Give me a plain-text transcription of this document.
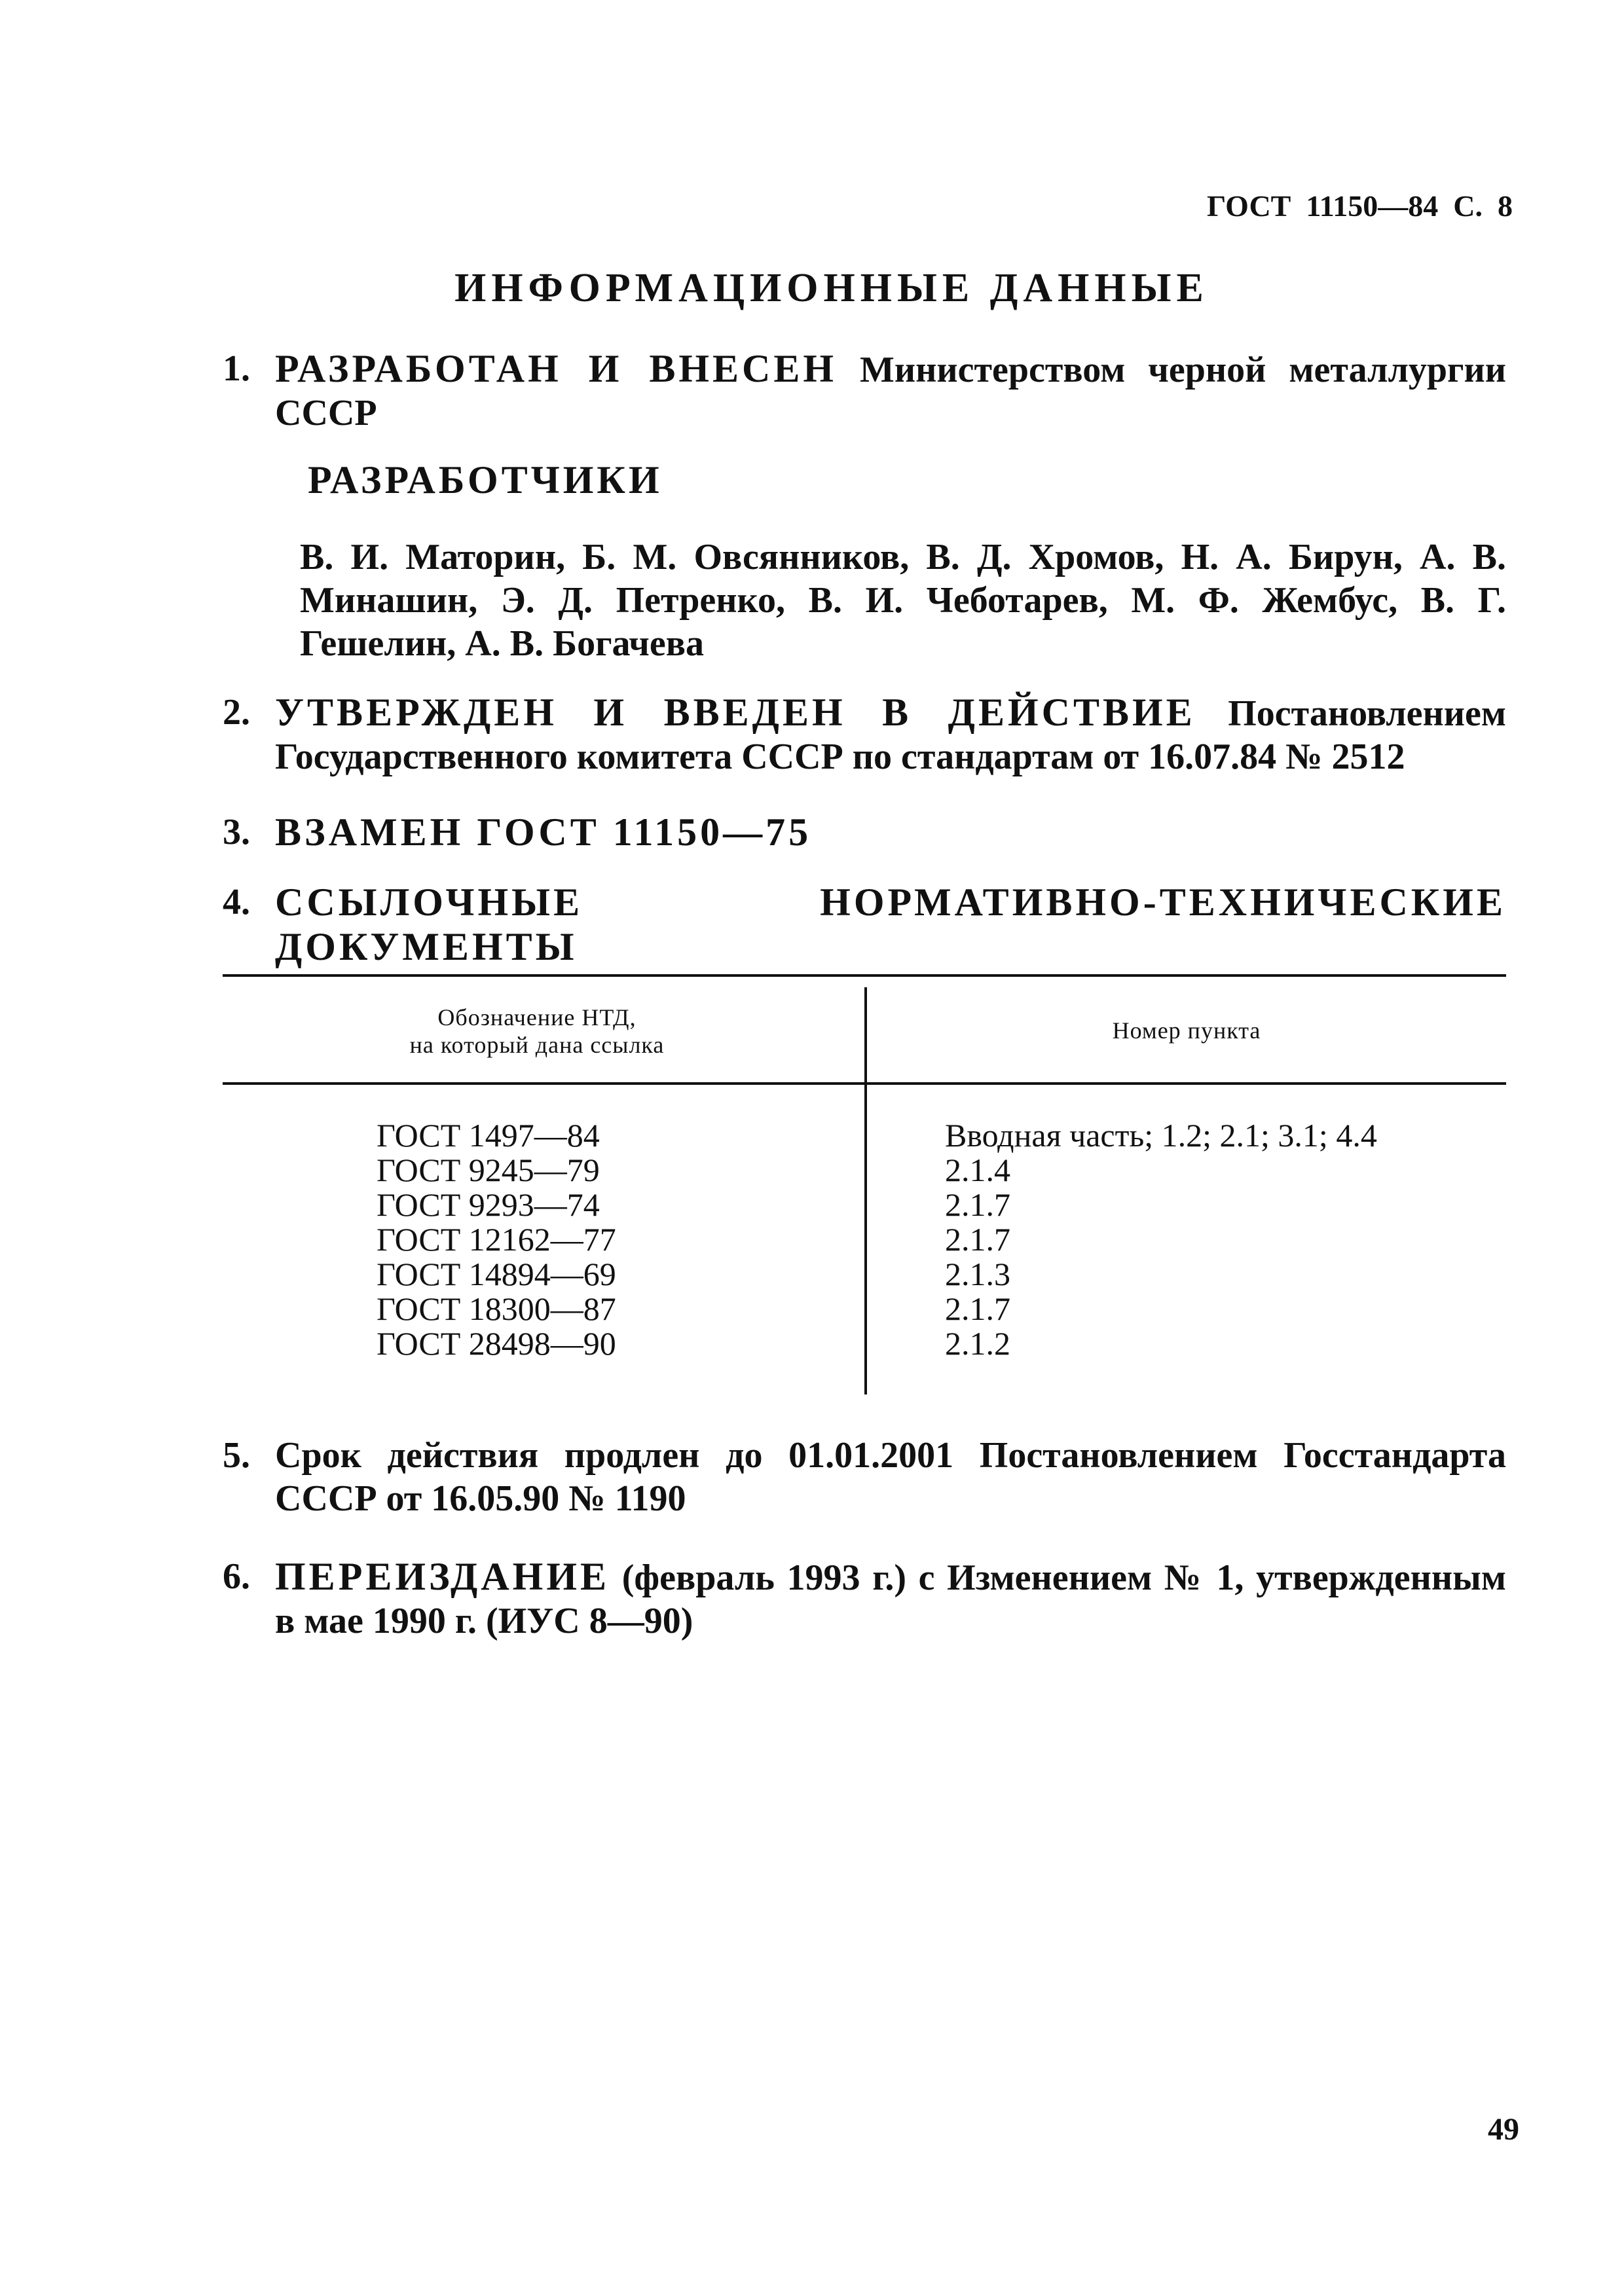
ГОСТ  11150—84  С.  8
ИНФОРМАЦИОННЫЕ ДАННЫЕ
1. РАЗРАБОТАН И ВНЕСЕН Министерством черной металлургии СССР
РАЗРАБОТЧИКИ
В. И. Маторин, Б. М. Овсянников, В. Д. Хромов, Н. А. Бирун, А. В. Минашин, Э. Д. Петренко, В. И. Чеботарев, М. Ф. Жембус, В. Г. Гешелин, А. В. Богачева
2. УТВЕРЖДЕН И ВВЕДЕН В ДЕЙСТВИЕ Постановлением Государственного комитета СССР по стандартам от 16.07.84 № 2512
3. ВЗАМЕН ГОСТ 11150—75
4. ССЫЛОЧНЫЕ НОРМАТИВНО-ТЕХНИЧЕСКИЕ ДОКУМЕНТЫ
Обозначение НТД,
на который дана ссылка
Номер пункта
ГОСТ 1497—84
ГОСТ 9245—79
ГОСТ 9293—74
ГОСТ 12162—77
ГОСТ 14894—69
ГОСТ 18300—87
ГОСТ 28498—90
Вводная часть; 1.2; 2.1; 3.1; 4.4
2.1.4
2.1.7
2.1.7
2.1.3
2.1.7
2.1.2
5. Срок действия продлен до 01.01.2001 Постановлением Госстандарта СССР от 16.05.90 № 1190
6. ПЕРЕИЗДАНИЕ (февраль 1993 г.) с Изменением № 1, утвержденным в мае 1990 г. (ИУС 8—90)
49
